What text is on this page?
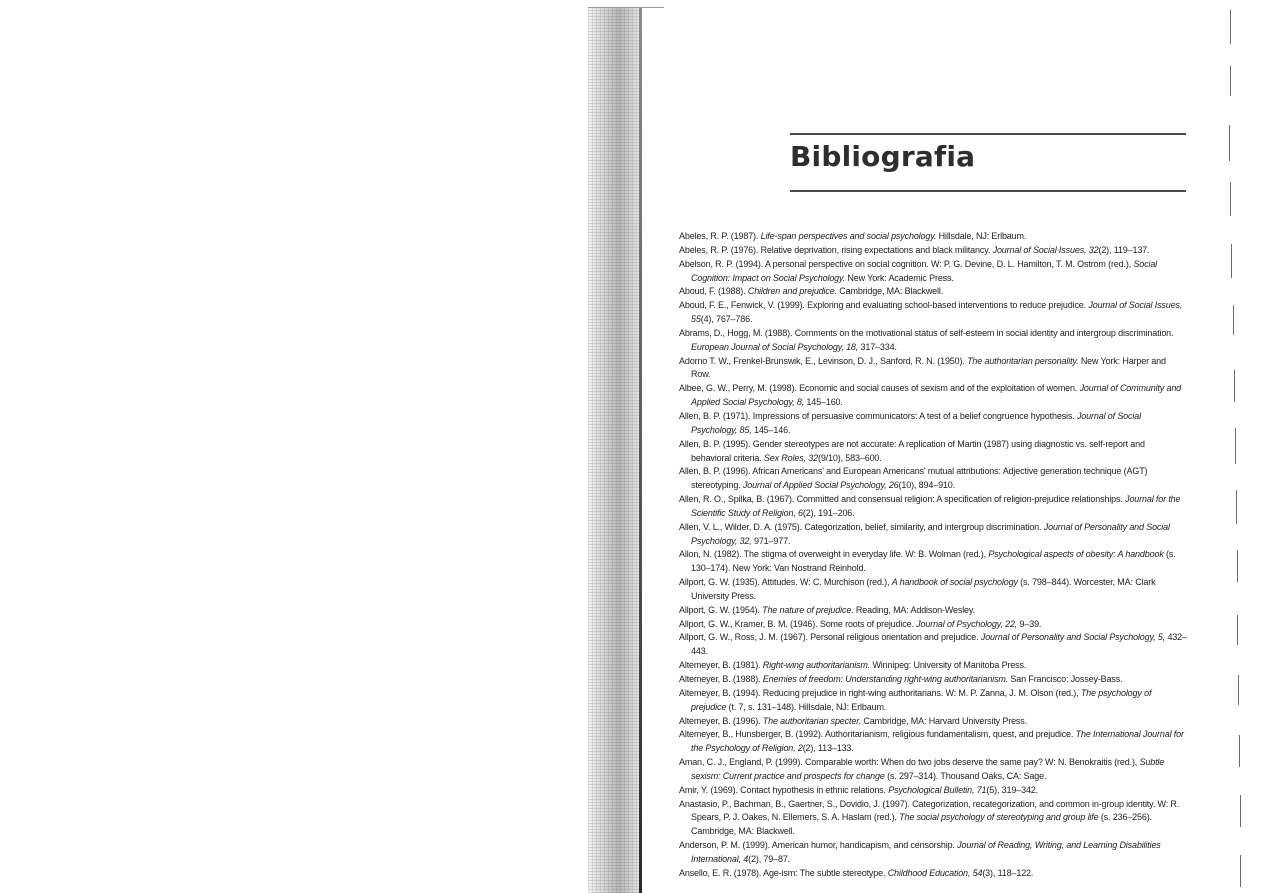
Bibliografia
Abeles, R. P. (1987). Life-span perspectives and social psychology. Hillsdale, NJ: Erlbaum.
Abeles, R. P. (1976). Relative deprivation, rising expectations and black militancy. Journal of Social Issues, 32(2), 119–137.
Abelson, R. P. (1994). A personal perspective on social cognition. W: P. G. Devine, D. L. Hamilton, T. M. Ostrom (red.), Social Cognition: Impact on Social Psychology. New York: Academic Press.
Aboud, F. (1988). Children and prejudice. Cambridge, MA: Blackwell.
Aboud, F. E., Fenwick, V. (1999). Exploring and evaluating school-based interventions to reduce prejudice. Journal of Social Issues, 55(4), 767–786.
Abrams, D., Hogg, M. (1988). Comments on the motivational status of self-esteem in social identity and intergroup discrimination. European Journal of Social Psychology, 18, 317–334.
Adorno T. W., Frenkel-Brunswik, E., Levinson, D. J., Sanford, R. N. (1950). The authoritarian personality. New York: Harper and Row.
Albee, G. W., Perry, M. (1998). Economic and social causes of sexism and of the exploitation of women. Journal of Community and Applied Social Psychology, 8, 145–160.
Allen, B. P. (1971). Impressions of persuasive communicators: A test of a belief congruence hypothesis. Journal of Social Psychology, 85, 145–146.
Allen, B. P. (1995). Gender stereotypes are not accurate: A replication of Martin (1987) using diagnostic vs. self-report and behavioral criteria. Sex Roles, 32(9/10), 583–600.
Allen, B. P. (1996). African Americans' and European Americans' mutual attributions: Adjective generation technique (AGT) stereotyping. Journal of Applied Social Psychology, 26(10), 894–910.
Allen, R. O., Spilka, B. (1967). Committed and consensual religion: A specification of religion-prejudice relationships. Journal for the Scientific Study of Religion, 6(2), 191–206.
Allen, V. L., Wilder, D. A. (1975). Categorization, belief, similarity, and intergroup discrimination. Journal of Personality and Social Psychology, 32, 971–977.
Allon, N. (1982). The stigma of overweight in everyday life. W: B. Wolman (red.), Psychological aspects of obesity: A handbook (s. 130–174). New York: Van Nostrand Reinhold.
Allport, G. W. (1935). Attitudes. W: C. Murchison (red.), A handbook of social psychology (s. 798–844). Worcester, MA: Clark University Press.
Allport, G. W. (1954). The nature of prejudice. Reading, MA: Addison-Wesley.
Allport, G. W., Kramer, B. M. (1946). Some roots of prejudice. Journal of Psychology, 22, 9–39.
Allport, G. W., Ross, J. M. (1967). Personal religious orientation and prejudice. Journal of Personality and Social Psychology, 5, 432–443.
Altemeyer, B. (1981). Right-wing authoritarianism. Winnipeg: University of Manitoba Press.
Altemeyer, B. (1988). Enemies of freedom: Understanding right-wing authoritarianism. San Francisco: Jossey-Bass.
Altemeyer, B. (1994). Reducing prejudice in right-wing authoritarians. W: M. P. Zanna, J. M. Olson (red.), The psychology of prejudice (t. 7, s. 131–148). Hillsdale, NJ: Erlbaum.
Altemeyer, B. (1996). The authoritarian specter. Cambridge, MA: Harvard University Press.
Altemeyer, B., Hunsberger, B. (1992). Authoritarianism, religious fundamentalism, quest, and prejudice. The International Journal for the Psychology of Religion, 2(2), 113–133.
Aman, C. J., England, P. (1999). Comparable worth: When do two jobs deserve the same pay? W: N. Benokraitis (red.), Subtle sexism: Current practice and prospects for change (s. 297–314). Thousand Oaks, CA: Sage.
Amir, Y. (1969). Contact hypothesis in ethnic relations. Psychological Bulletin, 71(5), 319–342.
Anastasio, P., Bachman, B., Gaertner, S., Dovidio, J. (1997). Categorization, recategorization, and common in-group identity. W: R. Spears, P. J. Oakes, N. Ellemers, S. A. Haslam (red.), The social psychology of stereotyping and group life (s. 236–256). Cambridge, MA: Blackwell.
Anderson, P. M. (1999). American humor, handicapism, and censorship. Journal of Reading, Writing, and Learning Disabilities International, 4(2), 79–87.
Ansello, E. R. (1978). Age-ism: The subtle stereotype. Childhood Education, 54(3), 118–122.
